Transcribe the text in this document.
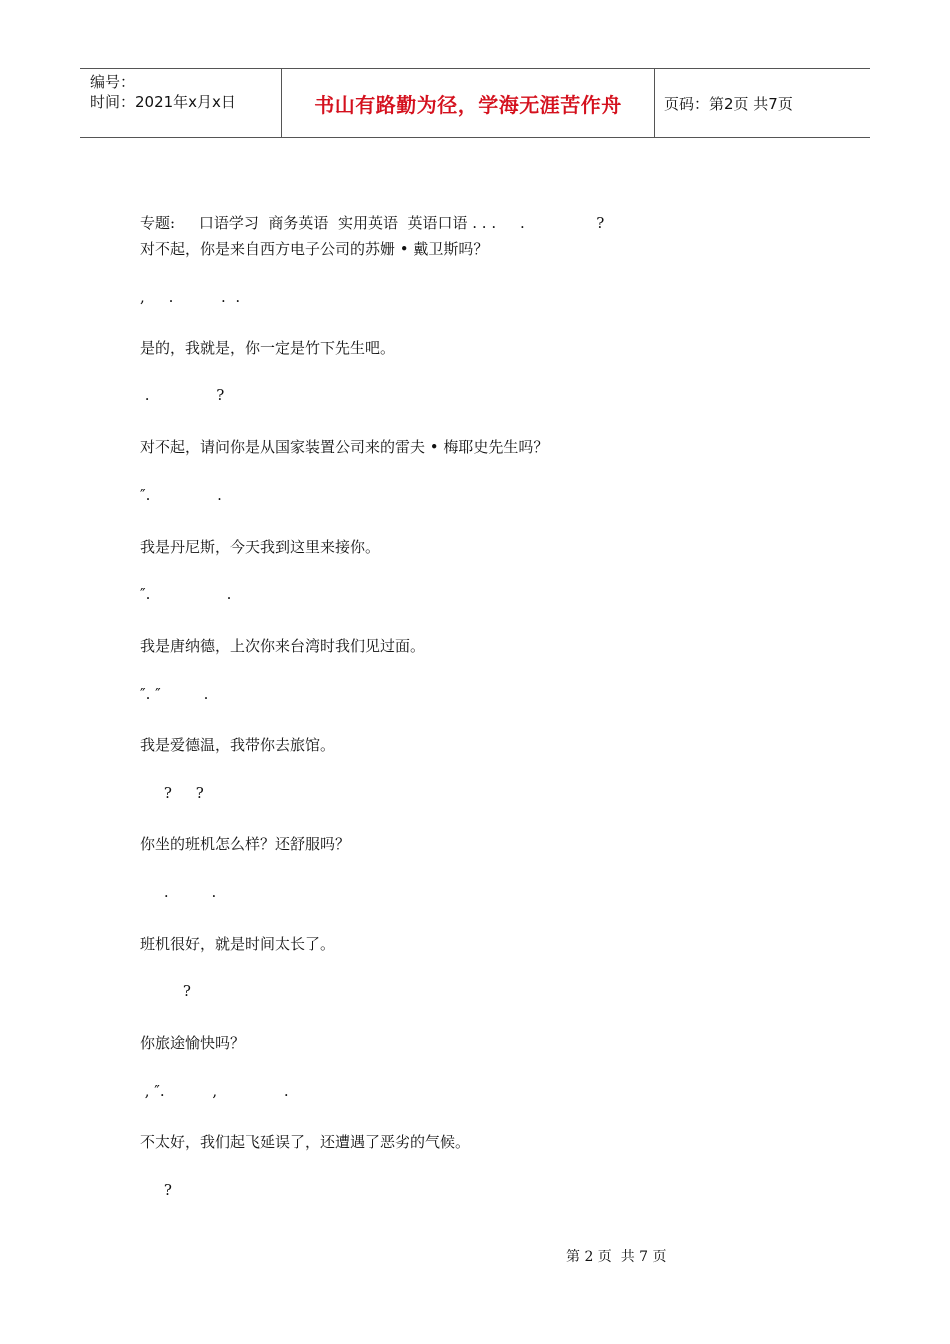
编号：
时间：2021年x月x日	书山有路勤为径，学海无涯苦作舟	页码：第2页 共7页
专题:     口语学习  商务英语  实用英语  英语口语 . . .     .               ?
对不起，你是来自西方电子公司的苏姗 • 戴卫斯吗？
,     .          .  .
是的，我就是，你一定是竹下先生吧。
.              ?
对不起，请问你是从国家装置公司来的雷夫 • 梅耶史先生吗？
″.              .
我是丹尼斯，今天我到这里来接你。
″.                .
我是唐纳德，上次你来台湾时我们见过面。
″. ″         .
我是爱德温，我带你去旅馆。
?     ?
你坐的班机怎么样？还舒服吗？
.         .
班机很好，就是时间太长了。
?
你旅途愉快吗？
, ″.          ,              .
不太好，我们起飞延误了，还遭遇了恶劣的气候。
?
第 2 页  共 7 页
